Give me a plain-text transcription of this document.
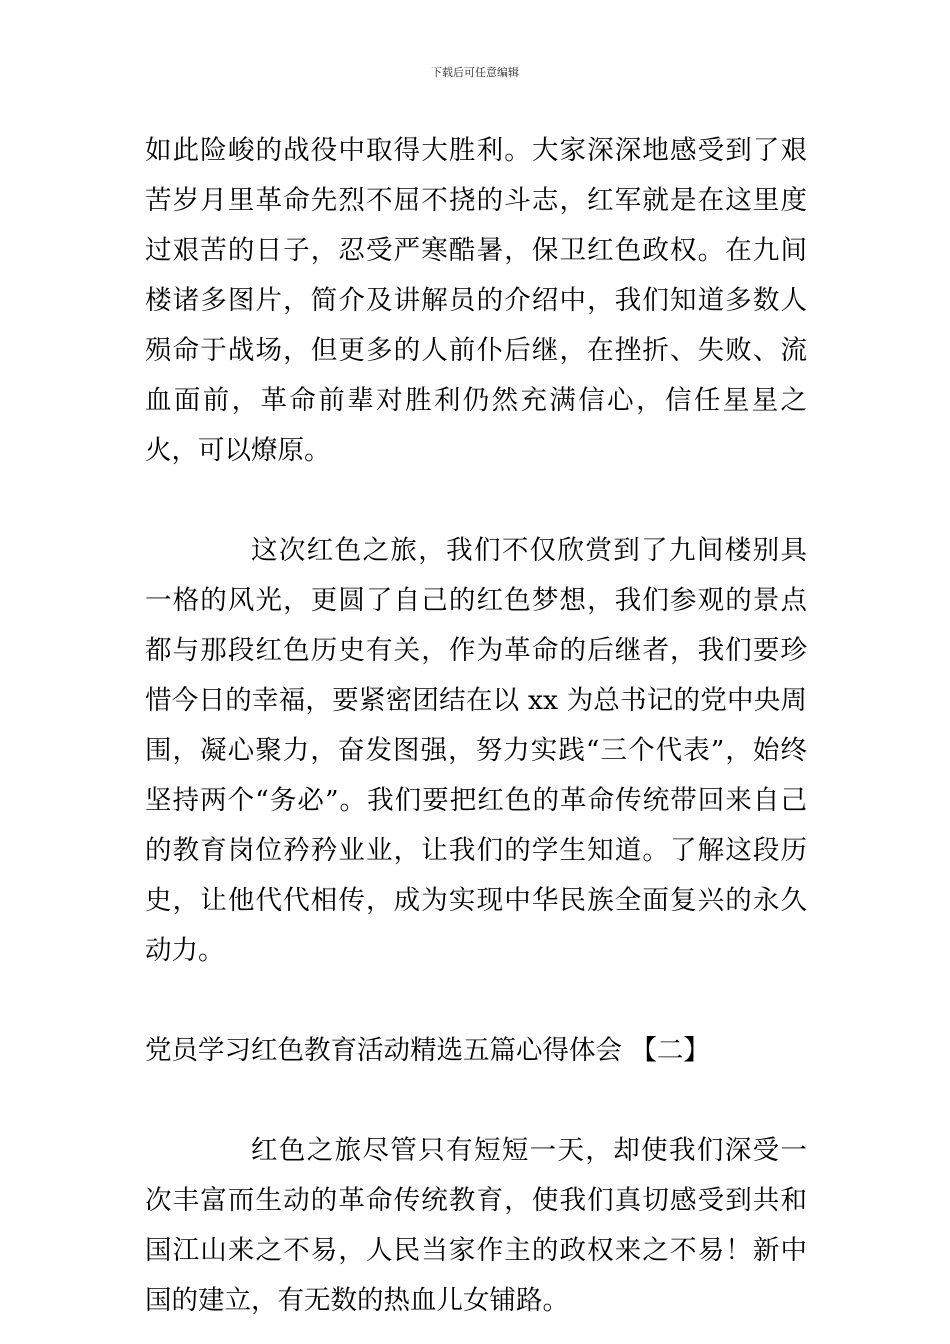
下载后可任意编辑

如此险峻的战役中取得大胜利。大家深深地感受到了艰苦岁月里革命先烈不屈不挠的斗志，红军就是在这里度过艰苦的日子，忍受严寒酷暑，保卫红色政权。在九间楼诸多图片，简介及讲解员的介绍中，我们知道多数人殒命于战场，但更多的人前仆后继，在挫折、失败、流血面前，革命前辈对胜利仍然充满信心，信任星星之火，可以燎原。

这次红色之旅，我们不仅欣赏到了九间楼别具一格的风光，更圆了自己的红色梦想，我们参观的景点都与那段红色历史有关，作为革命的后继者，我们要珍惜今日的幸福，要紧密团结在以 xx 为总书记的党中央周围，凝心聚力，奋发图强，努力实践“三个代表”，始终坚持两个“务必”。我们要把红色的革命传统带回来自己的教育岗位矜矜业业，让我们的学生知道。了解这段历史，让他代代相传，成为实现中华民族全面复兴的永久动力。

党员学习红色教育活动精选五篇心得体会 【二】

红色之旅尽管只有短短一天，却使我们深受一次丰富而生动的革命传统教育，使我们真切感受到共和国江山来之不易，人民当家作主的政权来之不易！新中国的建立，有无数的热血儿女铺路。
